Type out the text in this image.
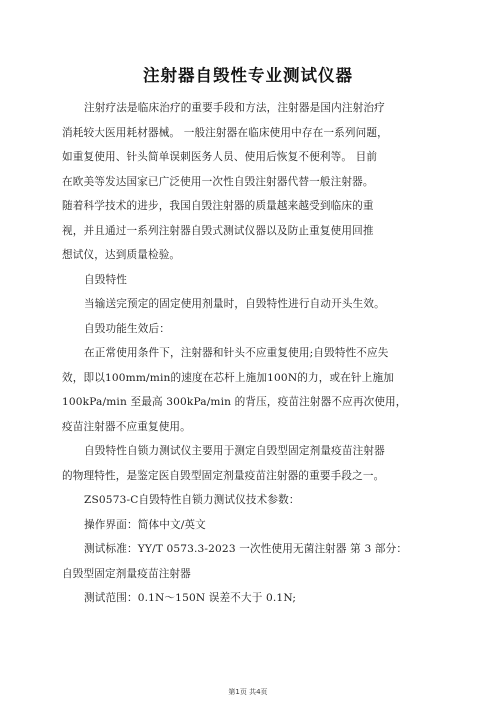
注射器自毁性专业测试仪器
注射疗法是临床治疗的重要手段和方法，注射器是国内注射治疗
消耗较大医用耗材器械。 一般注射器在临床使用中存在一系列问题，
如重复使用、针头简单误刺医务人员、使用后恢复不便利等。 目前
在欧美等发达国家已广泛使用一次性自毁注射器代替一般注射器。
随着科学技术的进步，我国自毁注射器的质量越来越受到临床的重
视，并且通过一系列注射器自毁式测试仪器以及防止重复使用回推
想试仪，达到质量检验。
自毁特性
当输送完预定的固定使用剂量时，自毁特性进行自动开头生效。
自毁功能生效后：
在正常使用条件下，注射器和针头不应重复使用;自毁特性不应失
效，即以100mm/min的速度在芯杆上施加100N的力，或在针上施加
100kPa/min 至最高 300kPa/min 的背压，疫苗注射器不应再次使用，
疫苗注射器不应重复使用。
自毁特性自锁力测试仪主要用于测定自毁型固定剂量疫苗注射器
的物理特性，是鉴定医自毁型固定剂量疫苗注射器的重要手段之一。
ZS0573-C自毁特性自锁力测试仪技术参数：
操作界面：简体中文/英文
测试标准：YY/T 0573.3-2023 一次性使用无菌注射器 第 3 部分：
自毁型固定剂量疫苗注射器
测试范围：0.1N～150N 误差不大于 0.1N;
第1页 共4页
